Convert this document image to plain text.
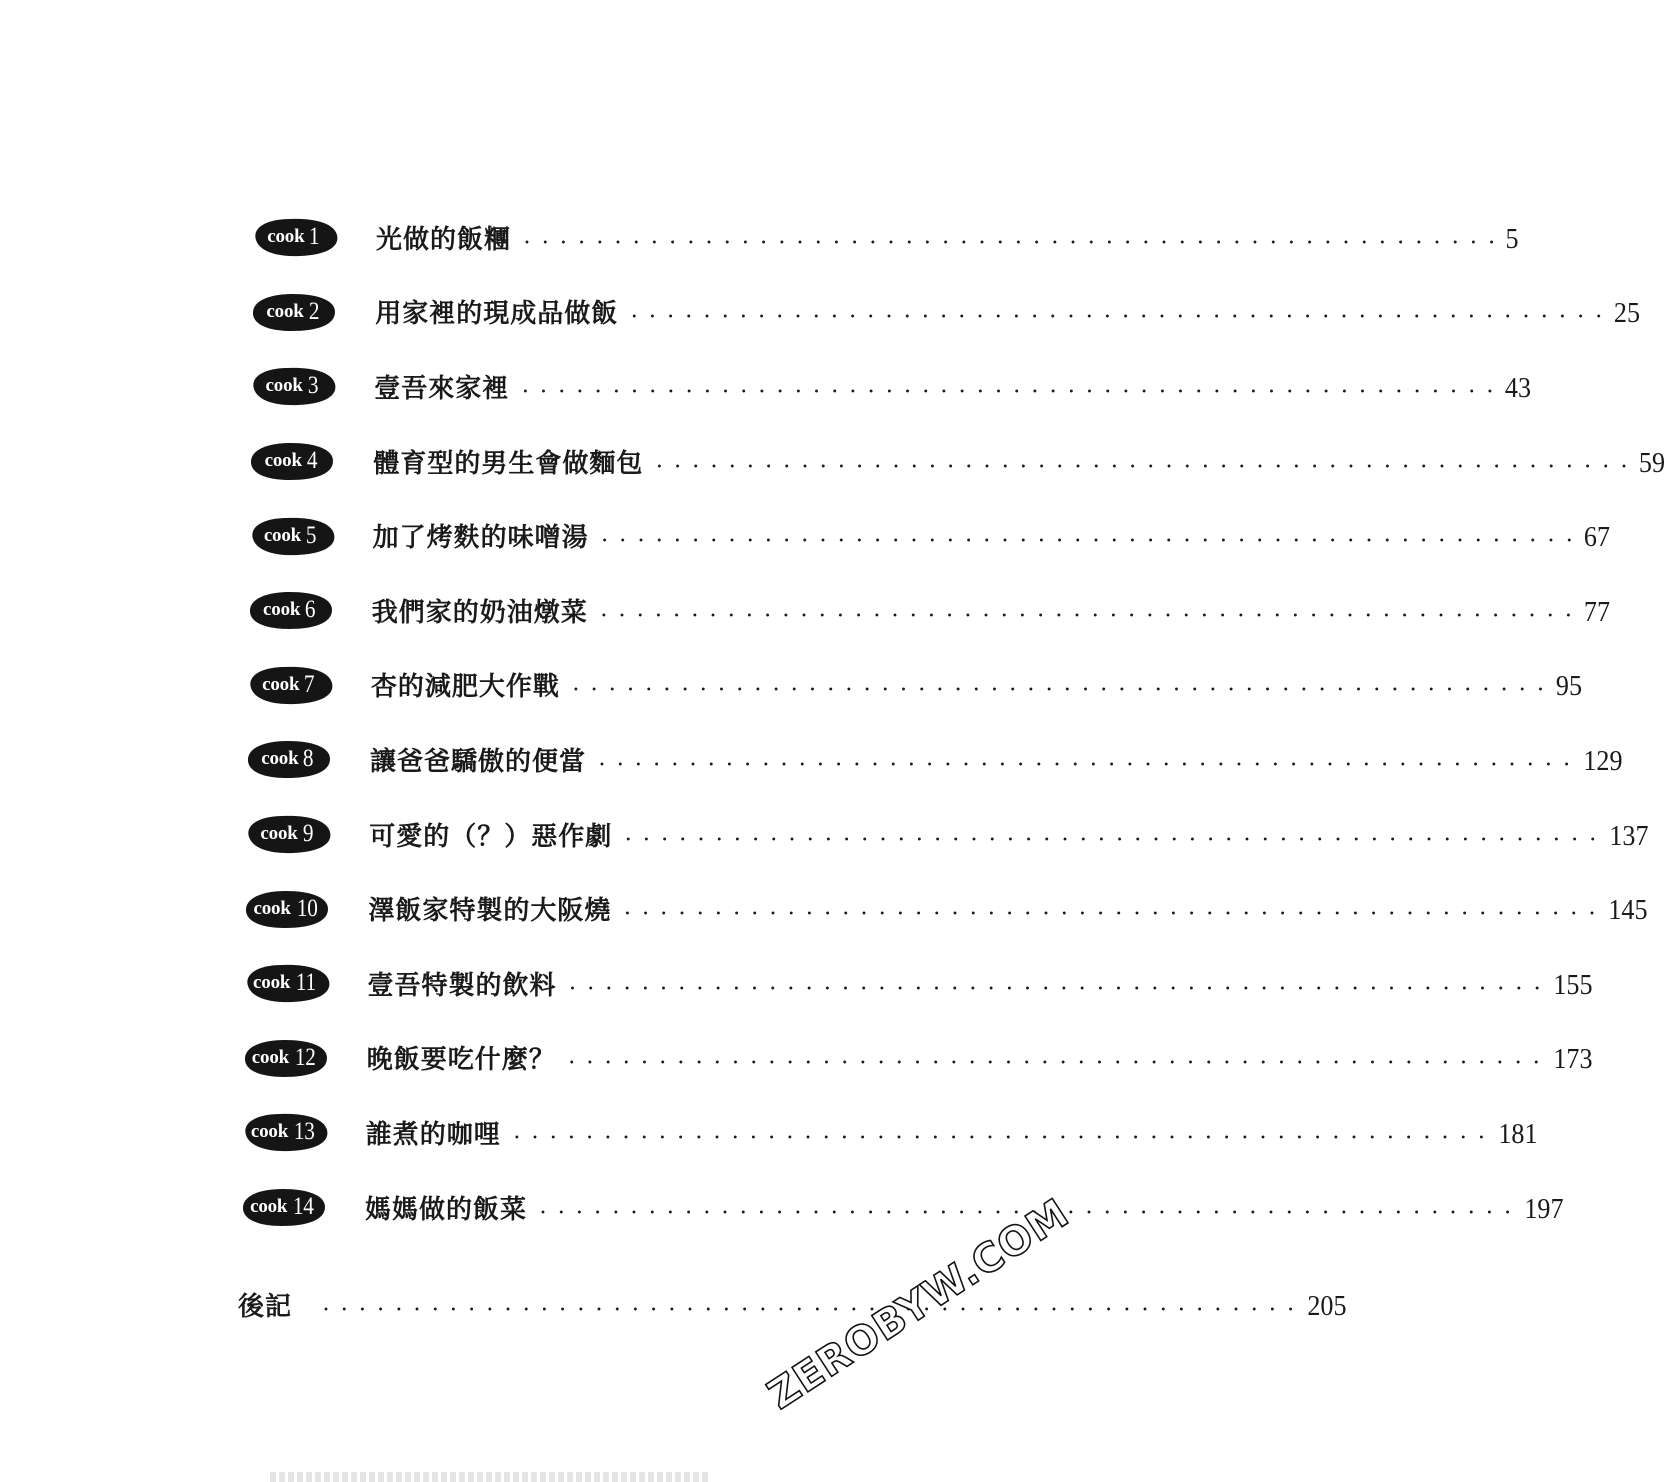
cook 1 光做的飯糰 ・・・・・・・・・・・・・・・・・・・・・・・・・・・・・・・・・・・・・・・・・・・・・・・・・・・・・・	5
cook 2 用家裡的現成品做飯 ・・・・・・・・・・・・・・・・・・・・・・・・・・・・・・・・・・・・・・・・・・・・・・・・・・・・・・	25
cook 3 壹吾來家裡 ・・・・・・・・・・・・・・・・・・・・・・・・・・・・・・・・・・・・・・・・・・・・・・・・・・・・・・	43
cook 4 體育型的男生會做麵包 ・・・・・・・・・・・・・・・・・・・・・・・・・・・・・・・・・・・・・・・・・・・・・・・・・・・・・・	59
cook 5 加了烤麩的味噌湯 ・・・・・・・・・・・・・・・・・・・・・・・・・・・・・・・・・・・・・・・・・・・・・・・・・・・・・・	67
cook 6 我們家的奶油燉菜 ・・・・・・・・・・・・・・・・・・・・・・・・・・・・・・・・・・・・・・・・・・・・・・・・・・・・・・	77
cook 7 杏的減肥大作戰 ・・・・・・・・・・・・・・・・・・・・・・・・・・・・・・・・・・・・・・・・・・・・・・・・・・・・・・	95
cook 8 讓爸爸驕傲的便當 ・・・・・・・・・・・・・・・・・・・・・・・・・・・・・・・・・・・・・・・・・・・・・・・・・・・・・・	129
cook 9 可愛的（？）惡作劇 ・・・・・・・・・・・・・・・・・・・・・・・・・・・・・・・・・・・・・・・・・・・・・・・・・・・・・・	137
cook 10 澤飯家特製的大阪燒 ・・・・・・・・・・・・・・・・・・・・・・・・・・・・・・・・・・・・・・・・・・・・・・・・・・・・・・	145
cook 11 壹吾特製的飲料 ・・・・・・・・・・・・・・・・・・・・・・・・・・・・・・・・・・・・・・・・・・・・・・・・・・・・・・	155
cook 12 晚飯要吃什麼？ ・・・・・・・・・・・・・・・・・・・・・・・・・・・・・・・・・・・・・・・・・・・・・・・・・・・・・・	173
cook 13 誰煮的咖哩 ・・・・・・・・・・・・・・・・・・・・・・・・・・・・・・・・・・・・・・・・・・・・・・・・・・・・・・	181
cook 14 媽媽做的飯菜 ・・・・・・・・・・・・・・・・・・・・・・・・・・・・・・・・・・・・・・・・・・・・・・・・・・・・・・	197
後記 ・・・・・・・・・・・・・・・・・・・・・・・・・・・・・・・・・・・・・・・・・・・・・・・・・・・・・・	205
ZEROBYW.COM
